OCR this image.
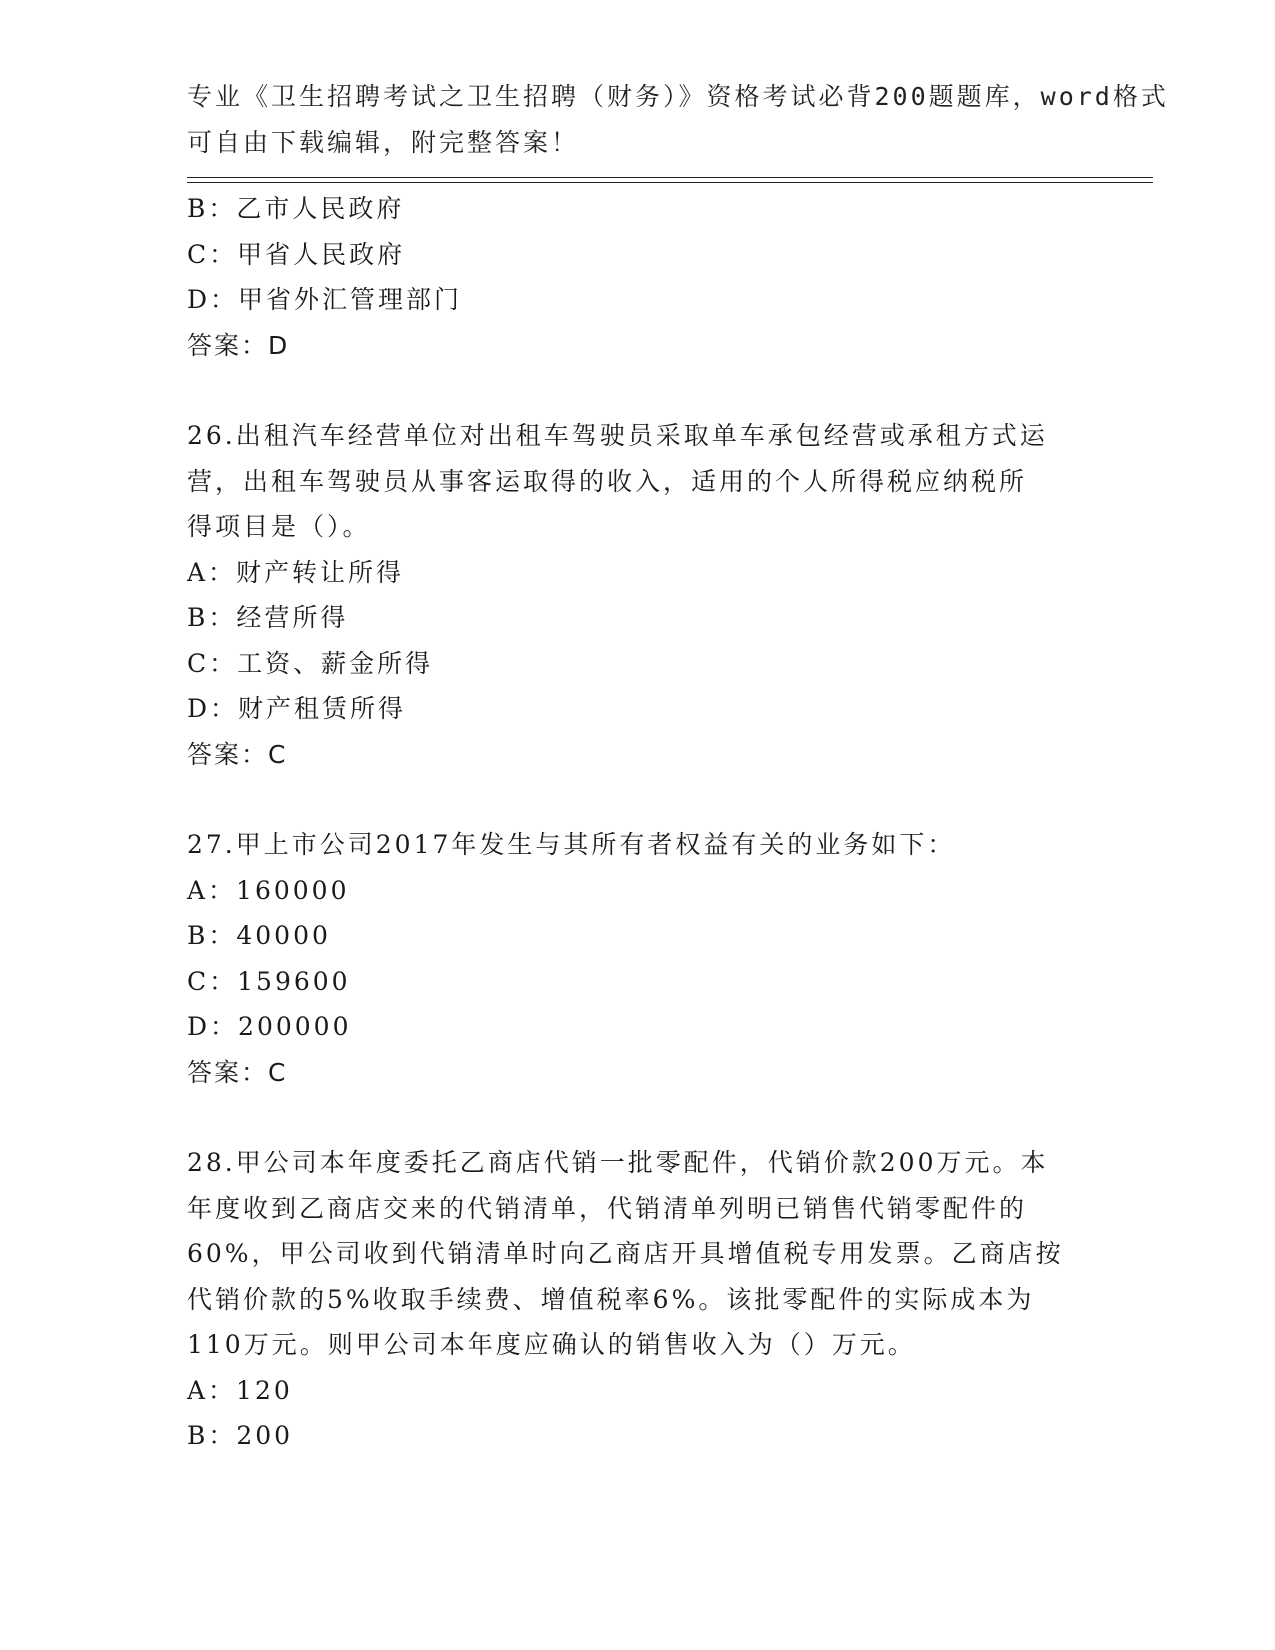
专业《卫生招聘考试之卫生招聘（财务）》资格考试必背200题题库，word格式
可自由下载编辑，附完整答案！
B：乙市人民政府
C：甲省人民政府
D：甲省外汇管理部门
答案：D
26.出租汽车经营单位对出租车驾驶员采取单车承包经营或承租方式运
营，出租车驾驶员从事客运取得的收入，适用的个人所得税应纳税所
得项目是（）。
A：财产转让所得
B：经营所得
C：工资、薪金所得
D：财产租赁所得
答案：C
27.甲上市公司2017年发生与其所有者权益有关的业务如下：
A：160000
B：40000
C：159600
D：200000
答案：C
28.甲公司本年度委托乙商店代销一批零配件，代销价款200万元。本
年度收到乙商店交来的代销清单，代销清单列明已销售代销零配件的
60%，甲公司收到代销清单时向乙商店开具增值税专用发票。乙商店按
代销价款的5%收取手续费、增值税率6%。该批零配件的实际成本为
110万元。则甲公司本年度应确认的销售收入为（）万元。
A：120
B：200
